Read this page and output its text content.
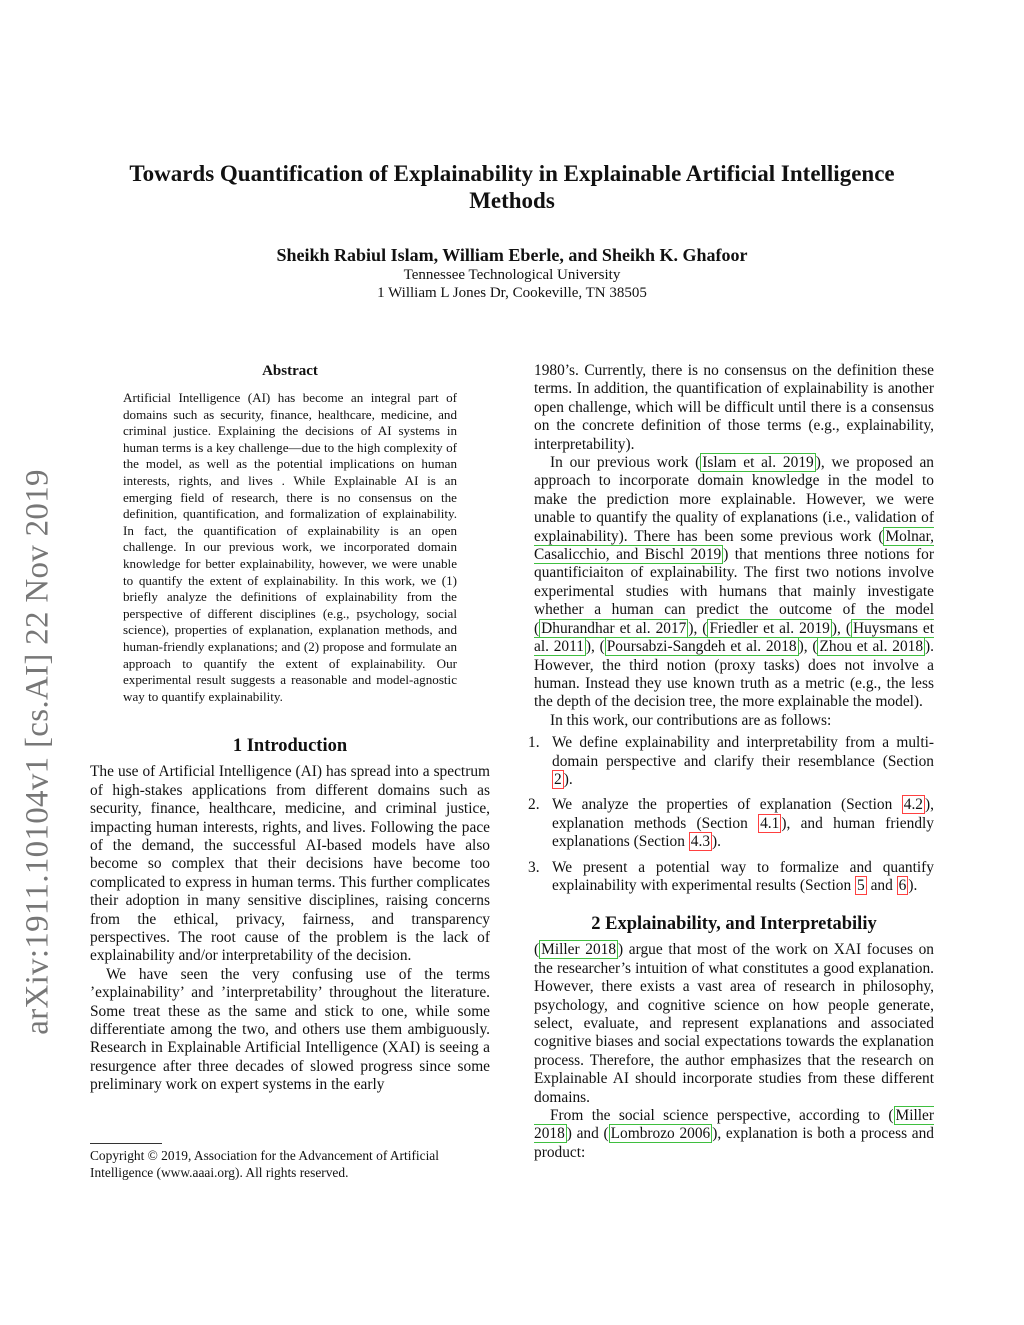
arXiv:1911.10104v1 [cs.AI] 22 Nov 2019
Towards Quantification of Explainability in Explainable Artificial Intelligence Methods
Sheikh Rabiul Islam, William Eberle, and Sheikh K. Ghafoor
Tennessee Technological University
1 William L Jones Dr, Cookeville, TN 38505
Abstract

Artificial Intelligence (AI) has become an integral part of domains such as security, finance, healthcare, medicine, and criminal justice. Explaining the decisions of AI systems in human terms is a key challenge—due to the high complexity of the model, as well as the potential implications on human interests, rights, and lives . While Explainable AI is an emerging field of research, there is no consensus on the definition, quantification, and formalization of explainability. In fact, the quantification of explainability is an open challenge. In our previous work, we incorporated domain knowledge for better explainability, however, we were unable to quantify the extent of explainability. In this work, we (1) briefly analyze the definitions of explainability from the perspective of different disciplines (e.g., psychology, social science), properties of explanation, explanation methods, and human-friendly explanations; and (2) propose and formulate an approach to quantify the extent of explainability. Our experimental result suggests a reasonable and model-agnostic way to quantify explainability.

1 Introduction

The use of Artificial Intelligence (AI) has spread into a spectrum of high-stakes applications from different domains such as security, finance, healthcare, medicine, and criminal justice, impacting human interests, rights, and lives. Following the pace of the demand, the successful AI-based models have also become so complex that their decisions have become too complicated to express in human terms. This further complicates their adoption in many sensitive disciplines, raising concerns from the ethical, privacy, fairness, and transparency perspectives. The root cause of the problem is the lack of explainability and/or interpretability of the decision.

We have seen the very confusing use of the terms ’explainability’ and ’interpretability’ throughout the literature. Some treat these as the same and stick to one, while some differentiate among the two, and others use them ambiguously. Research in Explainable Artificial Intelligence (XAI) is seeing a resurgence after three decades of slowed progress since some preliminary work on expert systems in the early

Copyright © 2019, Association for the Advancement of Artificial Intelligence (www.aaai.org). All rights reserved.

1980’s. Currently, there is no consensus on the definition these terms. In addition, the quantification of explainability is another open challenge, which will be difficult until there is a consensus on the concrete definition of those terms (e.g., explainability, interpretability).

In our previous work ( Islam et al. 2019 ), we proposed an approach to incorporate domain knowledge in the model to make the prediction more explainable. However, we were unable to quantify the quality of explanations (i.e., validation of explainability). There has been some previous work ( Molnar, Casalicchio, and Bischl 2019 ) that mentions three notions for quantificiaiton of explainability. The first two notions involve experimental studies with humans that mainly investigate whether a human can predict the outcome of the model ( Dhurandhar et al. 2017 ), ( Friedler et al. 2019 ), ( Huysmans et al. 2011 ), ( Poursabzi-Sangdeh et al. 2018 ), ( Zhou et al. 2018 ). However, the third notion (proxy tasks) does not involve a human. Instead they use known truth as a metric (e.g., the less the depth of the decision tree, the more explainable the model).

In this work, our contributions are as follows:

1. We define explainability and interpretability from a multi-domain perspective and clarify their resemblance (Section 2 ).
2. We analyze the properties of explanation (Section 4.2 ), explanation methods (Section 4.1 ), and human friendly explanations (Section 4.3 ).
3. We present a potential way to formalize and quantify explainability with experimental results (Section 5 and 6 ).
2 Explainability, and Interpretabiliy

( Miller 2018 ) argue that most of the work on XAI focuses on the researcher’s intuition of what constitutes a good explanation. However, there exists a vast area of research in philosophy, psychology, and cognitive science on how people generate, select, evaluate, and represent explanations and associated cognitive biases and social expectations towards the explanation process. Therefore, the author emphasizes that the research on Explainable AI should incorporate studies from these different domains.

From the social science perspective, according to ( Miller 2018 ) and ( Lombrozo 2006 ), explanation is both a process and product:
